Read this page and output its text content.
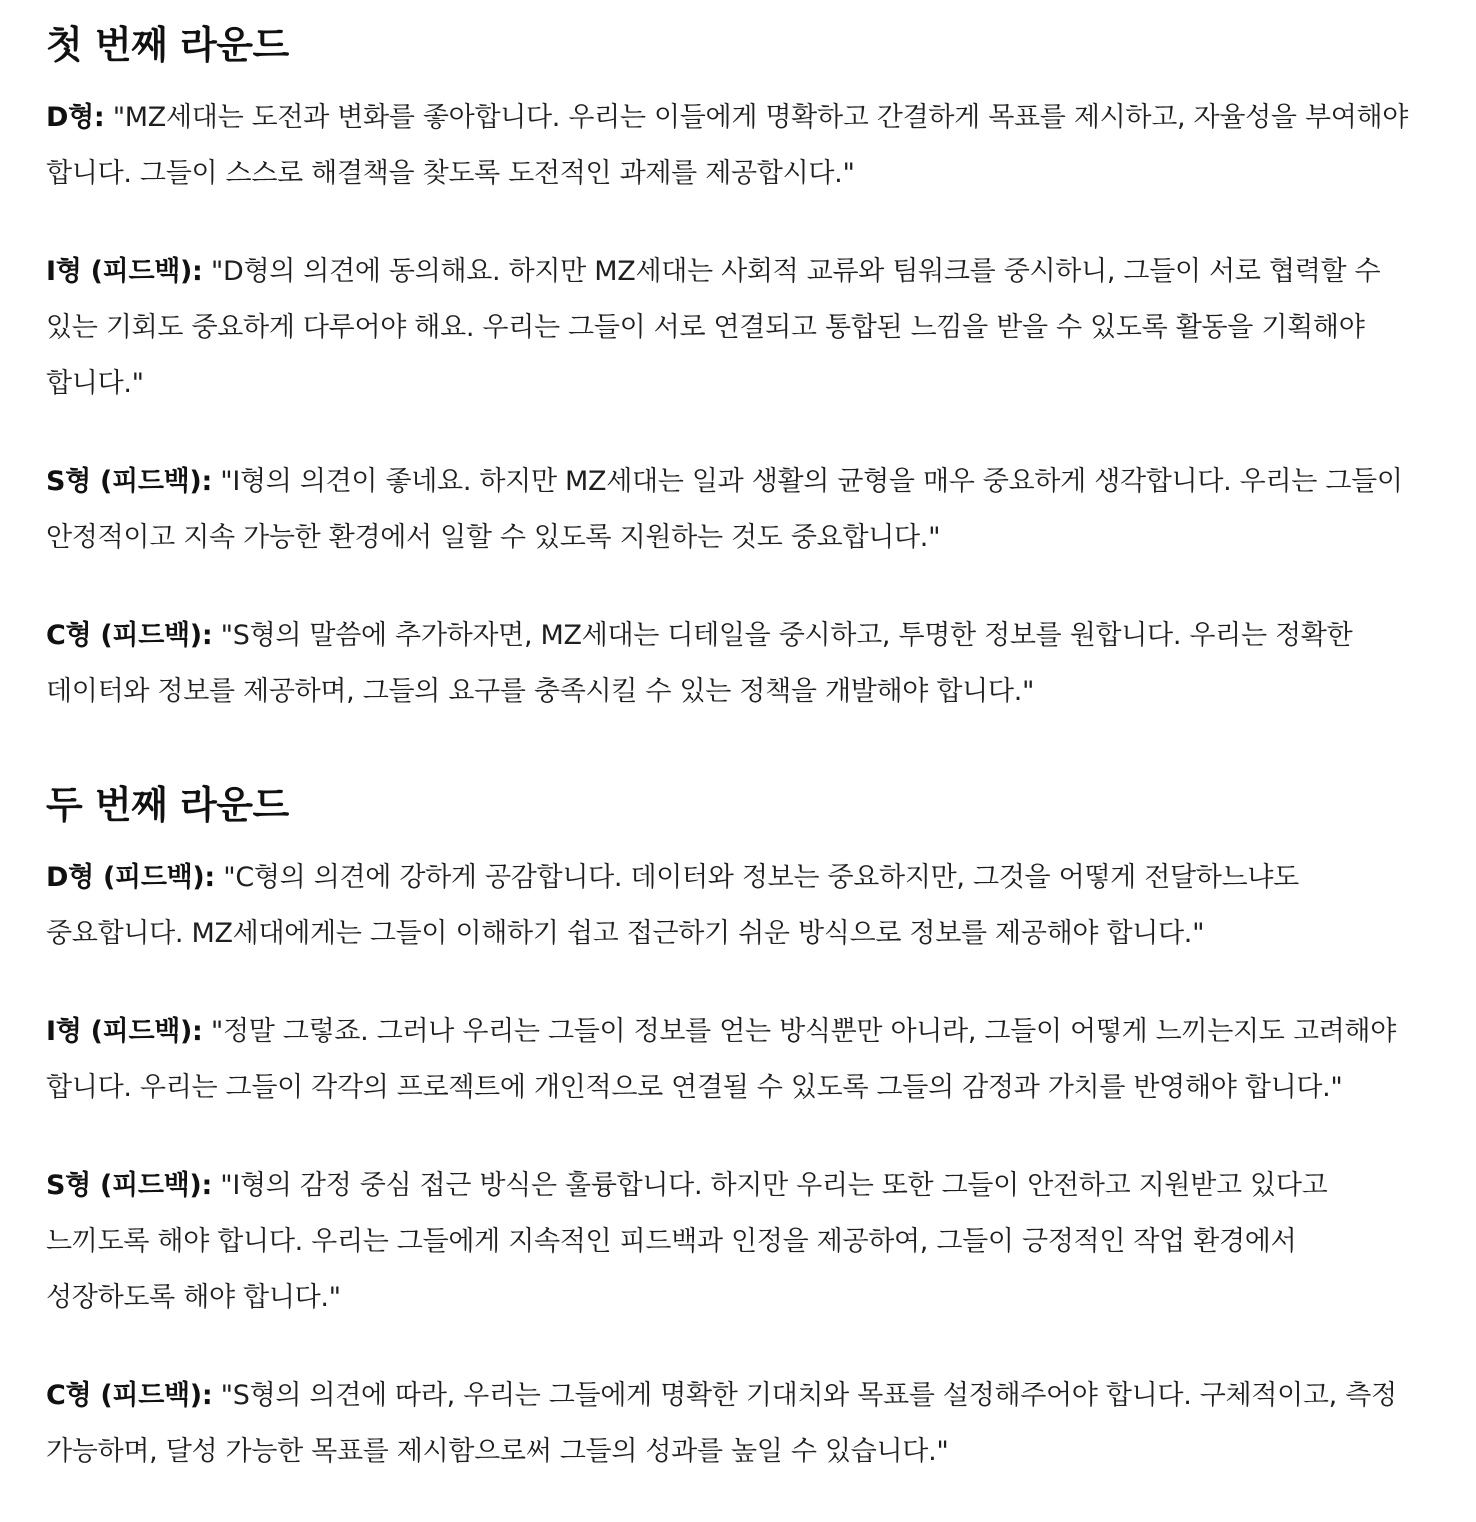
첫 번째 라운드

D형: "MZ세대는 도전과 변화를 좋아합니다. 우리는 이들에게 명확하고 간결하게 목표를 제시하고, 자율성을 부여해야 합니다. 그들이 스스로 해결책을 찾도록 도전적인 과제를 제공합시다."

I형 (피드백): "D형의 의견에 동의해요. 하지만 MZ세대는 사회적 교류와 팀워크를 중시하니, 그들이 서로 협력할 수 있는 기회도 중요하게 다루어야 해요. 우리는 그들이 서로 연결되고 통합된 느낌을 받을 수 있도록 활동을 기획해야 합니다."

S형 (피드백): "I형의 의견이 좋네요. 하지만 MZ세대는 일과 생활의 균형을 매우 중요하게 생각합니다. 우리는 그들이 안정적이고 지속 가능한 환경에서 일할 수 있도록 지원하는 것도 중요합니다."

C형 (피드백): "S형의 말씀에 추가하자면, MZ세대는 디테일을 중시하고, 투명한 정보를 원합니다. 우리는 정확한 데이터와 정보를 제공하며, 그들의 요구를 충족시킬 수 있는 정책을 개발해야 합니다."

두 번째 라운드

D형 (피드백): "C형의 의견에 강하게 공감합니다. 데이터와 정보는 중요하지만, 그것을 어떻게 전달하느냐도 중요합니다. MZ세대에게는 그들이 이해하기 쉽고 접근하기 쉬운 방식으로 정보를 제공해야 합니다."

I형 (피드백): "정말 그렇죠. 그러나 우리는 그들이 정보를 얻는 방식뿐만 아니라, 그들이 어떻게 느끼는지도 고려해야 합니다. 우리는 그들이 각각의 프로젝트에 개인적으로 연결될 수 있도록 그들의 감정과 가치를 반영해야 합니다."

S형 (피드백): "I형의 감정 중심 접근 방식은 훌륭합니다. 하지만 우리는 또한 그들이 안전하고 지원받고 있다고 느끼도록 해야 합니다. 우리는 그들에게 지속적인 피드백과 인정을 제공하여, 그들이 긍정적인 작업 환경에서 성장하도록 해야 합니다."

C형 (피드백): "S형의 의견에 따라, 우리는 그들에게 명확한 기대치와 목표를 설정해주어야 합니다. 구체적이고, 측정 가능하며, 달성 가능한 목표를 제시함으로써 그들의 성과를 높일 수 있습니다."
